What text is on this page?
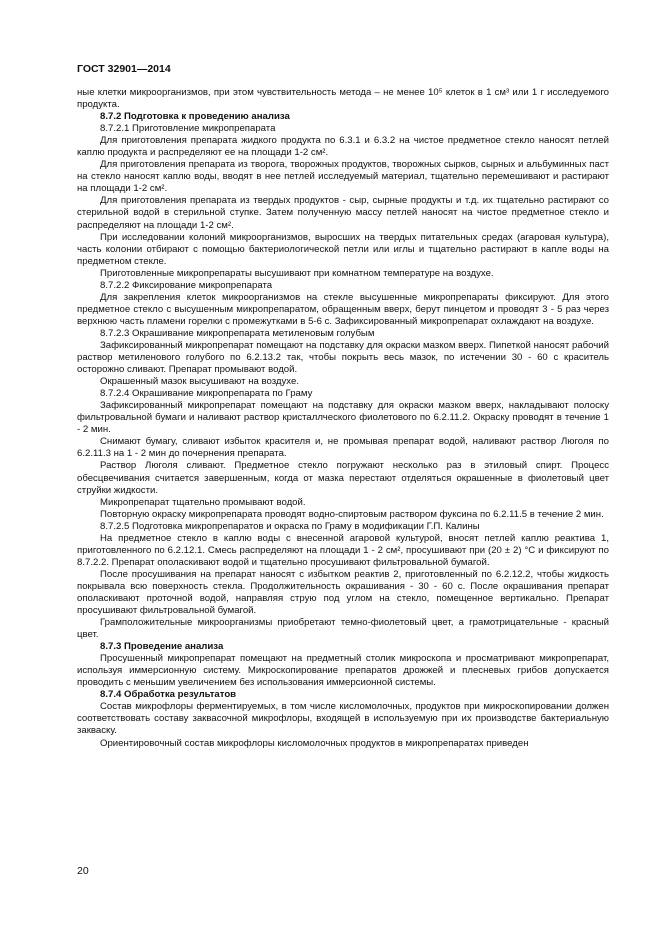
ГОСТ 32901—2014

ные клетки микроорганизмов, при этом чувствительность метода – не менее 10⁵ клеток в 1 см³ или 1 г исследуемого продукта.

8.7.2 Подготовка к проведению анализа

8.7.2.1 Приготовление микропрепарата

Для приготовления препарата жидкого продукта по 6.3.1 и 6.3.2 на чистое предметное стекло наносят петлей каплю продукта и распределяют ее на площади 1-2 см².

Для приготовления препарата из творога, творожных продуктов, творожных сырков, сырных и альбуминных паст на стекло наносят каплю воды, вводят в нее петлей исследуемый материал, тщательно перемешивают и растирают на площади 1-2 см².

Для приготовления препарата из твердых продуктов - сыр, сырные продукты и т.д. их тщательно растирают со стерильной водой в стерильной ступке. Затем полученную массу петлей наносят на чистое предметное стекло и распределяют на площади 1-2 см².

При исследовании колоний микроорганизмов, выросших на твердых питательных средах (агаровая культура), часть колонии отбирают с помощью бактериологической петли или иглы и тщательно растирают в капле воды на предметном стекле.

Приготовленные микропрепараты высушивают при комнатном температуре на воздухе.

8.7.2.2 Фиксирование микропрепарата

Для закрепления клеток микроорганизмов на стекле высушенные микропрепараты фиксируют. Для этого предметное стекло с высушенным микропрепаратом, обращенным вверх, берут пинцетом и проводят 3 - 5 раз через верхнюю часть пламени горелки с промежутками в 5-6 с. Зафиксированный микропрепарат охлаждают на воздухе.

8.7.2.3 Окрашивание микропрепарата метиленовым голубым

Зафиксированный микропрепарат помещают на подставку для окраски мазком вверх. Пипеткой наносят рабочий раствор метиленового голубого по 6.2.13.2 так, чтобы покрыть весь мазок, по истечении 30 - 60 с краситель осторожно сливают. Препарат промывают водой.

Окрашенный мазок высушивают на воздухе.

8.7.2.4 Окрашивание микропрепарата по Граму

Зафиксированный микропрепарат помещают на подставку для окраски мазком вверх, накладывают полоску фильтровальной бумаги и наливают раствор кристаллческого фиолетового по 6.2.11.2. Окраску проводят в течение 1 - 2 мин.

Снимают бумагу, сливают избыток красителя и, не промывая препарат водой, наливают раствор Люголя по 6.2.11.3 на 1 - 2 мин до почернения препарата.

Раствор Люголя сливают. Предметное стекло погружают несколько раз в этиловый спирт. Процесс обесцвечивания считается завершенным, когда от мазка перестают отделяться окрашенные в фиолетовый цвет струйки жидкости.

Микропрепарат тщательно промывают водой.

Повторную окраску микропрепарата проводят водно-спиртовым раствором фуксина по 6.2.11.5 в течение 2 мин.

8.7.2.5 Подготовка микропрепаратов и окраска по Граму в модификации Г.П. Калины

На предметное стекло в каплю воды с внесенной агаровой культурой, вносят петлей каплю реактива 1, приготовленного по 6.2.12.1. Смесь распределяют на площади 1 - 2 см², просушивают при (20 ± 2) °C и фиксируют по 8.7.2.2. Препарат ополаскивают водой и тщательно просушивают фильтровальной бумагой.

После просушивания на препарат наносят с избытком реактив 2, приготовленный по 6.2.12.2, чтобы жидкость покрывала всю поверхность стекла. Продолжительность окрашивания - 30 - 60 с. После окрашивания препарат ополаскивают проточной водой, направляя струю под углом на стекло, помещенное вертикально. Препарат просушивают фильтровальной бумагой.

Грамположительные микроорганизмы приобретают темно-фиолетовый цвет, а грамотрицательные - красный цвет.

8.7.3 Проведение анализа

Просушенный микропрепарат помещают на предметный столик микроскопа и просматривают микропрепарат, используя иммерсионную систему. Микроскопирование препаратов дрожжей и плесневых грибов допускается проводить с меньшим увеличением без использования иммерсионной системы.

8.7.4 Обработка результатов

Состав микрофлоры ферментируемых, в том числе кисломолочных, продуктов при микроскопировании должен соответствовать составу заквасочной микрофлоры, входящей в используемую при их производстве бактериальную закваску.

Ориентировочный состав микрофлоры кисломолочных продуктов в микропрепаратах приведен

20
